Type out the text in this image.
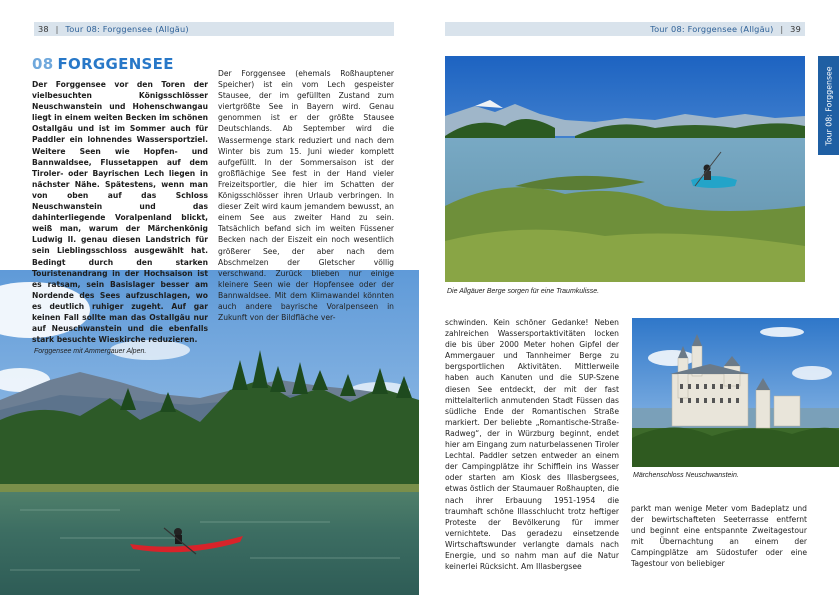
38 | Tour 08: Forggensee (Allgäu)
08 FORGGENSEE
Forggensee mit Ammergauer Alpen.
Der Forggensee vor den Toren der vielbesuchten Königsschlösser Neuschwanstein und Hohenschwangau liegt in einem weiten Becken im schönen Ostallgäu und ist im Sommer auch für Paddler ein lohnendes Wassersportziel. Weitere Seen wie Hopfen- und Bannwaldsee, Flussetappen auf dem Tiroler- oder Bayrischen Lech liegen in nächster Nähe. Spätestens, wenn man von oben auf das Schloss Neuschwanstein und das dahinterliegende Voralpenland blickt, weiß man, warum der Märchenkönig Ludwig II. genau diesen Landstrich für sein Lieblingsschloss ausgewählt hat. Bedingt durch den starken Touristenandrang in der Hochsaison ist es ratsam, sein Basislager besser am Nordende des Sees aufzuschlagen, wo es deutlich ruhiger zugeht. Auf gar keinen Fall sollte man das Ostallgäu nur auf Neuschwanstein und die ebenfalls stark besuchte Wieskirche reduzieren.
Der Forggensee (ehemals Roßhauptener Speicher) ist ein vom Lech gespeister Stausee, der im gefüllten Zustand zum viertgrößte See in Bayern wird. Genau genommen ist er der größte Stausee Deutschlands. Ab September wird die Wassermenge stark reduziert und nach dem Winter bis zum 15. Juni wieder komplett aufgefüllt. In der Sommersaison ist der großflächige See fest in der Hand vieler Freizeitsportler, die hier im Schatten der Königsschlösser ihren Urlaub verbringen. In dieser Zeit wird kaum jemandem bewusst, an einem See aus zweiter Hand zu sein. Tatsächlich befand sich im weiten Füssener Becken nach der Eiszeit ein noch wesentlich größerer See, der aber nach dem Abschmelzen der Gletscher völlig verschwand. Zurück blieben nur einige kleinere Seen wie der Hopfensee oder der Bannwaldsee. Mit dem Klimawandel könnten auch andere bayrische Voralpenseen in Zukunft von der Bildfläche ver-
Tour 08: Forggensee (Allgäu) | 39
Die Allgäuer Berge sorgen für eine Traumkulisse.
Märchenschloss Neuschwanstein.
schwinden. Kein schöner Gedanke! Neben zahlreichen Wassersportaktivitäten locken die bis über 2000 Meter hohen Gipfel der Ammergauer und Tannheimer Berge zu bergsportlichen Aktivitäten. Mittlerweile haben auch Kanuten und die SUP-Szene diesen See entdeckt, der mit der fast mittelalterlich anmutenden Stadt Füssen das südliche Ende der Romantischen Straße markiert. Der beliebte „Romantische-Straße-Radweg“, der in Würzburg beginnt, endet hier am Eingang zum naturbelassenen Tiroler Lechtal. Paddler setzen entweder an einem der Campingplätze ihr Schifflein ins Wasser oder starten am Kiosk des Illasbergsees, etwas östlich der Staumauer Roßhaupten, die nach ihrer Erbauung 1951-1954 die traumhaft schöne Illasschlucht trotz heftiger Proteste der Bevölkerung für immer vernichtete. Das geradezu einsetzende Wirtschaftswunder verlangte damals nach Energie, und so nahm man auf die Natur keinerlei Rücksicht. Am Illasbergsee
parkt man wenige Meter vom Badeplatz und der bewirtschafteten Seeterrasse entfernt und beginnt eine entspannte Zweitagestour mit Übernachtung an einem der Campingplätze am Südostufer oder eine Tagestour von beliebiger
Tour 08: Forggensee
